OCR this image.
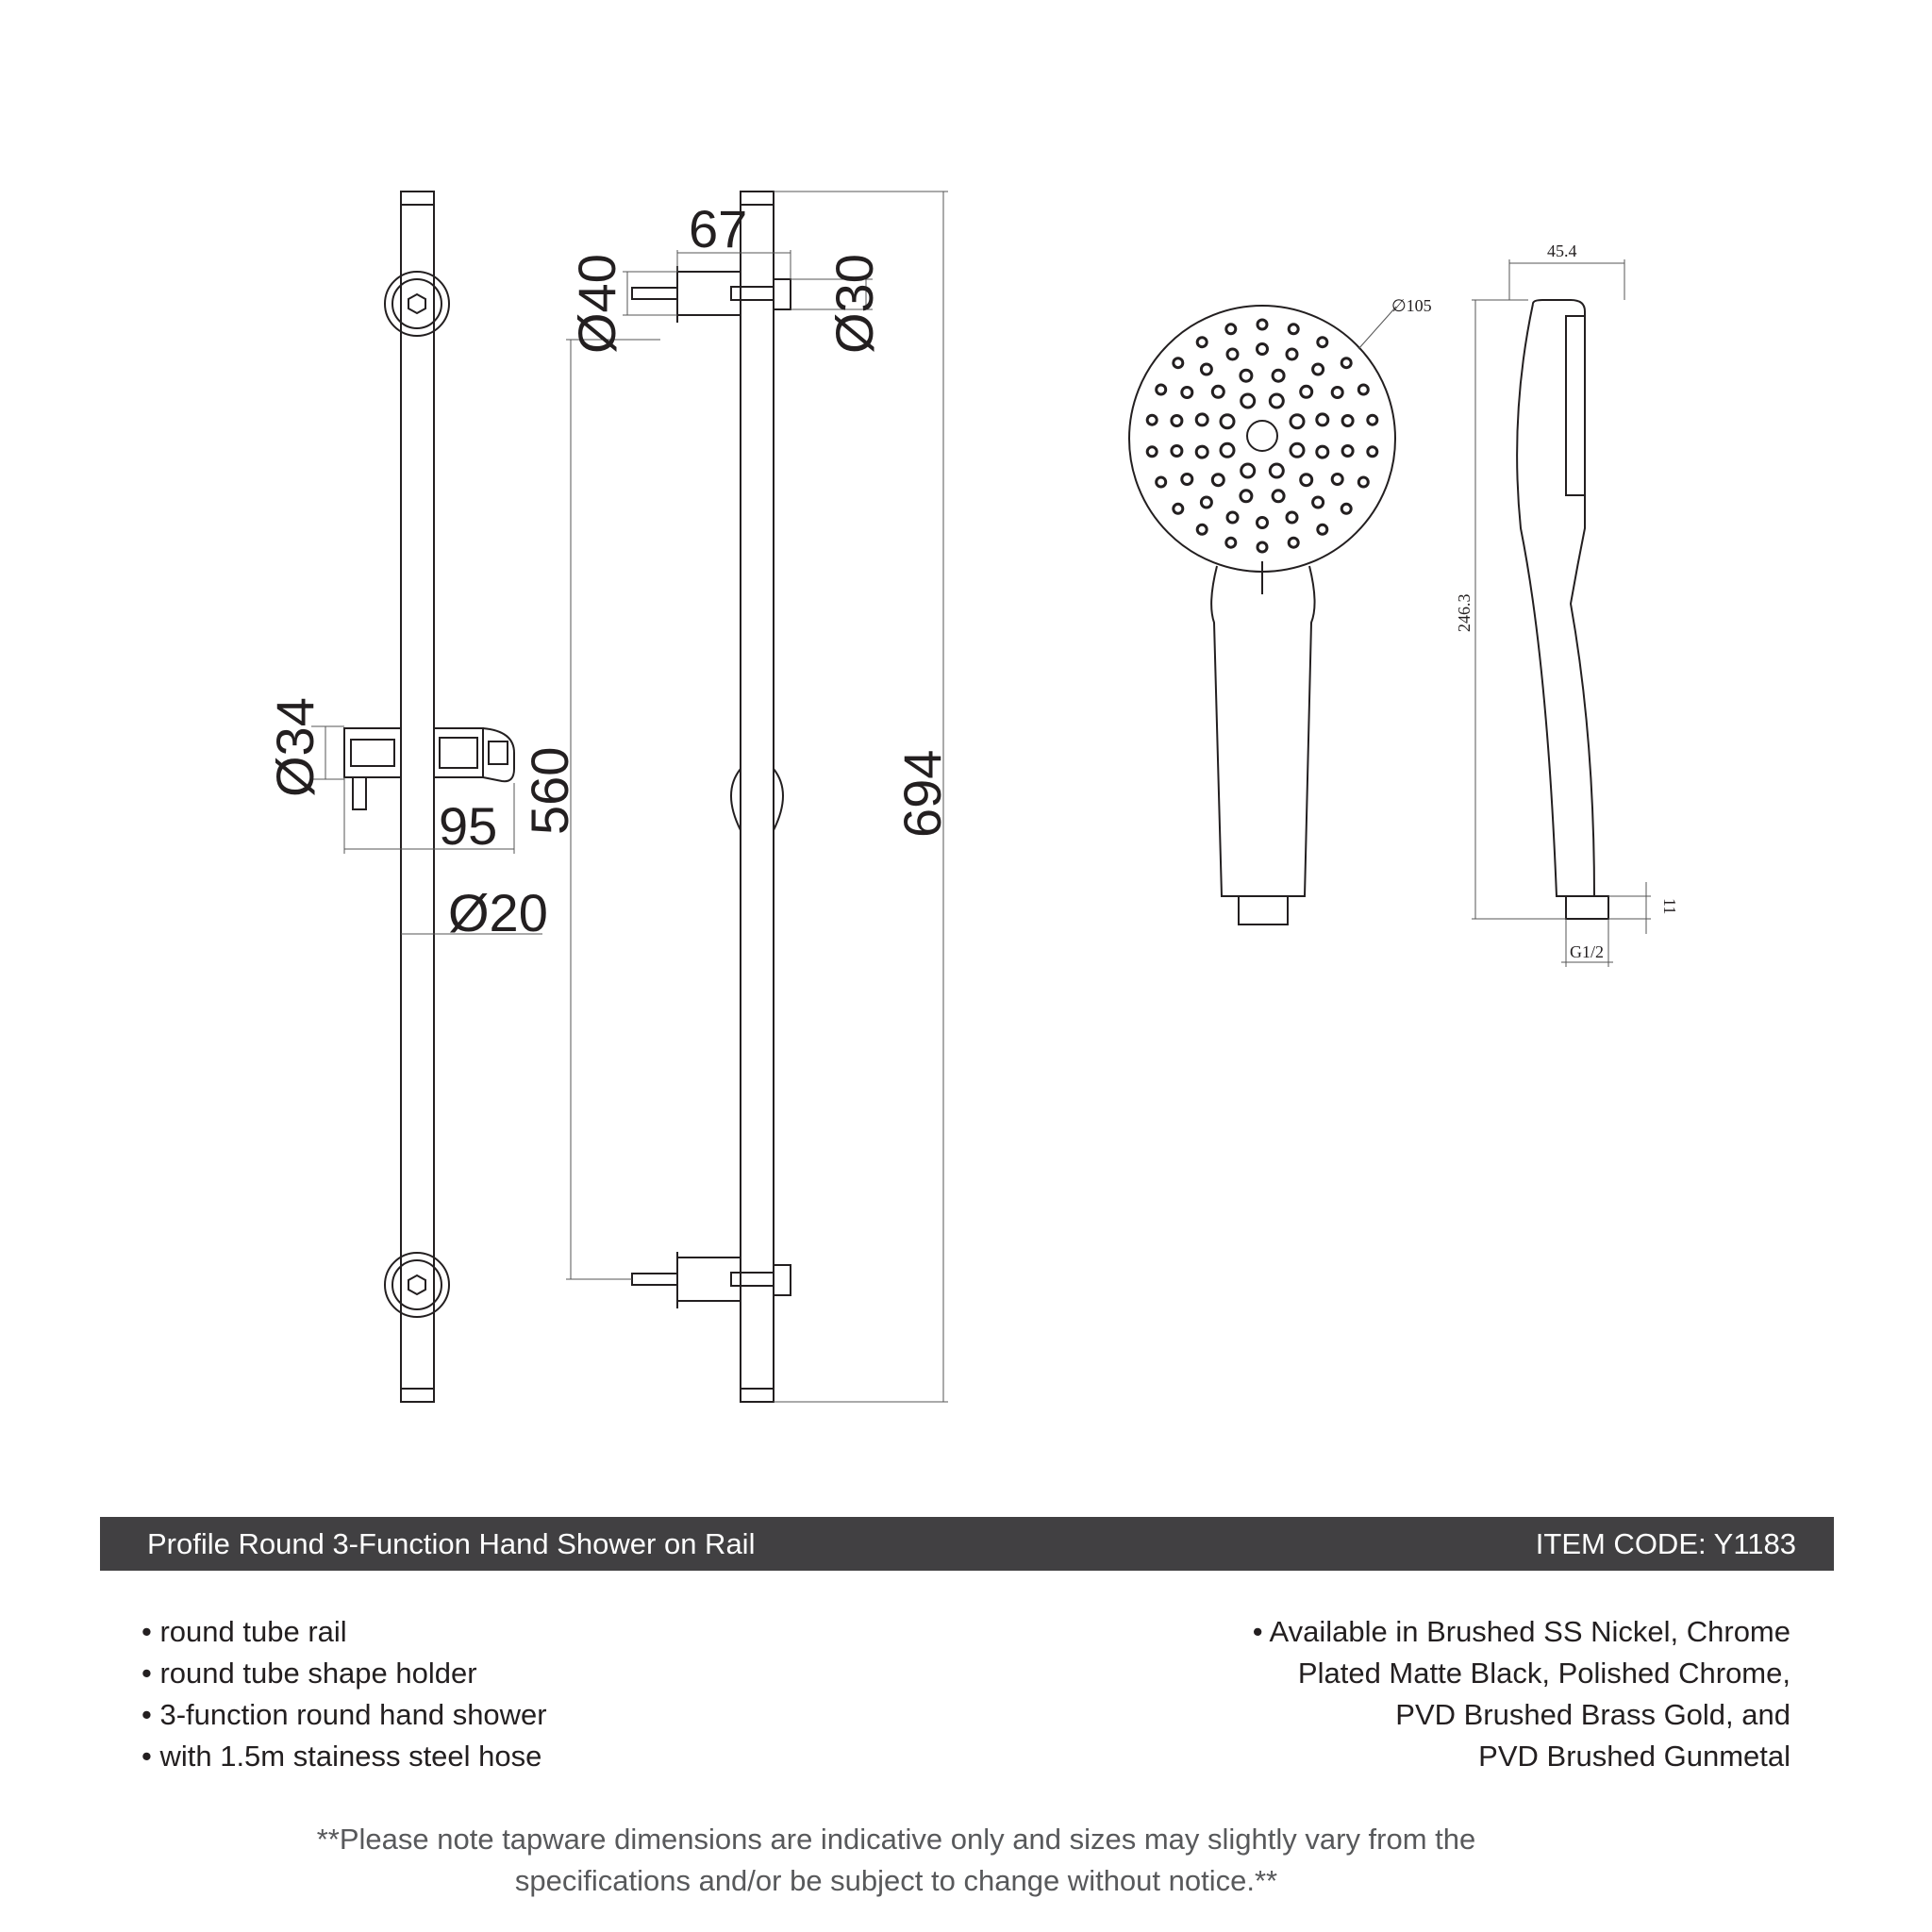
Ø34
95
Ø20
560	694
67
Ø40	Ø30	∅105
45.4
246.3
11
G1/2
Profile Round 3-Function Hand Shower on Rail	ITEM CODE: Y1183
• round tube rail
• round tube shape holder
• 3-function round hand shower
• with 1.5m stainess steel hose
• Available in Brushed SS Nickel, Chrome
Plated Matte Black, Polished Chrome,
PVD Brushed Brass Gold, and
PVD Brushed Gunmetal
**Please note tapware dimensions are indicative only and sizes may slightly vary from the
specifications and/or be subject to change without notice.**
